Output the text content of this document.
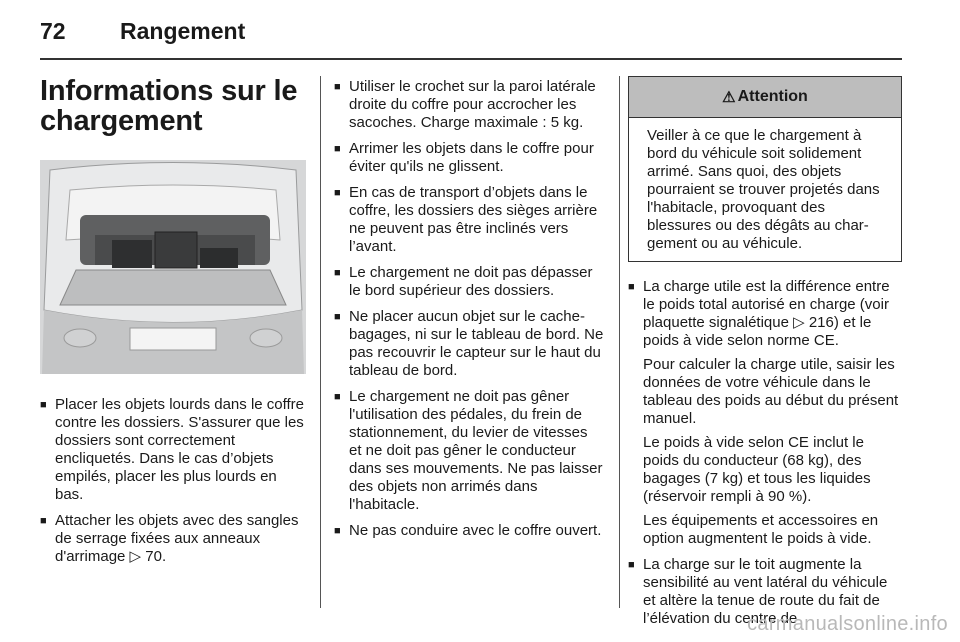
72 Rangement
Informations sur le chargement
■ Placer les objets lourds dans le coffre contre les dossiers. S'assurer que les dossiers sont correctement encliquetés. Dans le cas d’objets empilés, placer les plus lourds en bas.
■ Attacher les objets avec des sangles de serrage fixées aux anneaux d'arrimage ▷ 70.
■ Utiliser le crochet sur la paroi latérale droite du coffre pour accrocher les sacoches. Charge maximale : 5 kg.
■ Arrimer les objets dans le coffre pour éviter qu'ils ne glissent.
■ En cas de transport d’objets dans le coffre, les dossiers des sièges arrière ne peuvent pas être inclinés vers l’avant.
■ Le chargement ne doit pas dépasser le bord supérieur des dossiers.
■ Ne placer aucun objet sur le cache-bagages, ni sur le tableau de bord. Ne pas recouvrir le capteur sur le haut du tableau de bord.
■ Le chargement ne doit pas gêner l'utilisation des pédales, du frein de stationnement, du levier de vitesses et ne doit pas gêner le conducteur dans ses mouvements. Ne pas laisser des objets non arrimés dans l'habitacle.
■ Ne pas conduire avec le coffre ouvert.
⚠ Attention
Veiller à ce que le chargement à bord du véhicule soit solidement arrimé. Sans quoi, des objets pourraient se trouver projetés dans l'habitacle, provoquant des blessures ou des dégâts au char-gement ou au véhicule.

■ La charge utile est la différence entre le poids total autorisé en charge (voir plaquette signalétique ▷ 216) et le poids à vide selon norme CE.

Pour calculer la charge utile, saisir les données de votre véhicule dans le tableau des poids au début du présent manuel.

Le poids à vide selon CE inclut le poids du conducteur (68 kg), des bagages (7 kg) et tous les liquides (réservoir rempli à 90 %).

Les équipements et accessoires en option augmentent le poids à vide.

■ La charge sur le toit augmente la sensibilité au vent latéral du véhicule et altère la tenue de route du fait de l’élévation du centre de
carmanualsonline.info
